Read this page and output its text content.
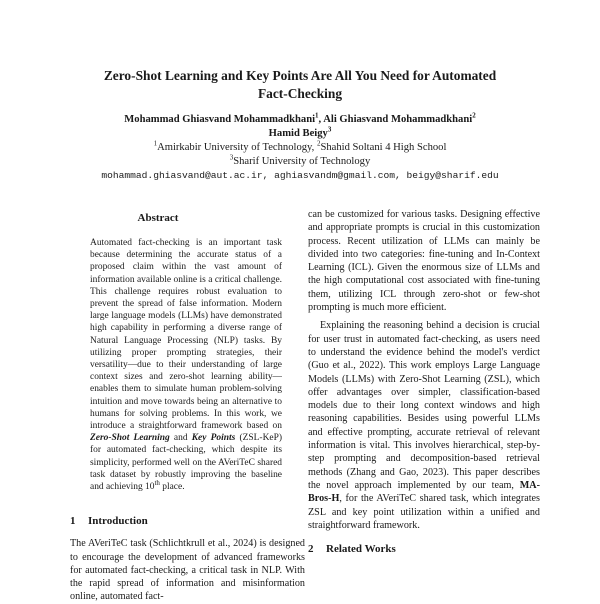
Zero-Shot Learning and Key Points Are All You Need for Automated
Fact-Checking
Mohammad Ghiasvand Mohammadkhani$^1$, Ali Ghiasvand Mohammadkhani$^2$
Hamid Beigy$^3$
$^1$Amirkabir University of Technology, $^2$Shahid Soltani 4 High School
$^3$Sharif University of Technology
mohammad.ghiasvand@aut.ac.ir, aghiasvandm@gmail.com, beigy@sharif.edu
Abstract
Automated fact-checking is an important task because determining the accurate status of a proposed claim within the vast amount of information available online is a critical challenge. This challenge requires robust evaluation to prevent the spread of false information. Modern large language models (LLMs) have demonstrated high capability in performing a diverse range of Natural Language Processing (NLP) tasks. By utilizing proper prompting strategies, their versatility—due to their understanding of large context sizes and zero-shot learning ability—enables them to simulate human problem-solving intuition and move towards being an alternative to humans for solving problems. In this work, we introduce a straightforward framework based on Zero-Shot Learning and Key Points (ZSL-KeP) for automated fact-checking, which despite its simplicity, performed well on the AVeriTeC shared task dataset by robustly improving the baseline and achieving 10th place.
1 Introduction

The AVeriTeC task (Schlichtkrull et al., 2024) is designed to encourage the development of advanced frameworks for automated fact-checking, a critical task in NLP. With the rapid spread of information and misinformation online, automated fact-

can be customized for various tasks. Designing effective and appropriate prompts is crucial in this customization process. Recent utilization of LLMs can mainly be divided into two categories: fine-tuning and In-Context Learning (ICL). Given the enormous size of LLMs and the high computational cost associated with fine-tuning them, utilizing ICL through zero-shot or few-shot prompting is much more efficient.

Explaining the reasoning behind a decision is crucial for user trust in automated fact-checking, as users need to understand the evidence behind the model's verdict (Guo et al., 2022). This work employs Large Language Models (LLMs) with Zero-Shot Learning (ZSL), which offer advantages over simpler, classification-based models due to their long context windows and high reasoning capabilities. Besides using powerful LLMs and effective prompting, accurate retrieval of relevant information is vital. This involves hierarchical, step-by-step prompting and decomposition-based retrieval methods (Zhang and Gao, 2023). This paper describes the novel approach implemented by our team, MA-Bros-H, for the AVeriTeC shared task, which integrates ZSL and key point utilization within a unified and straightforward framework.

2 Related Works
